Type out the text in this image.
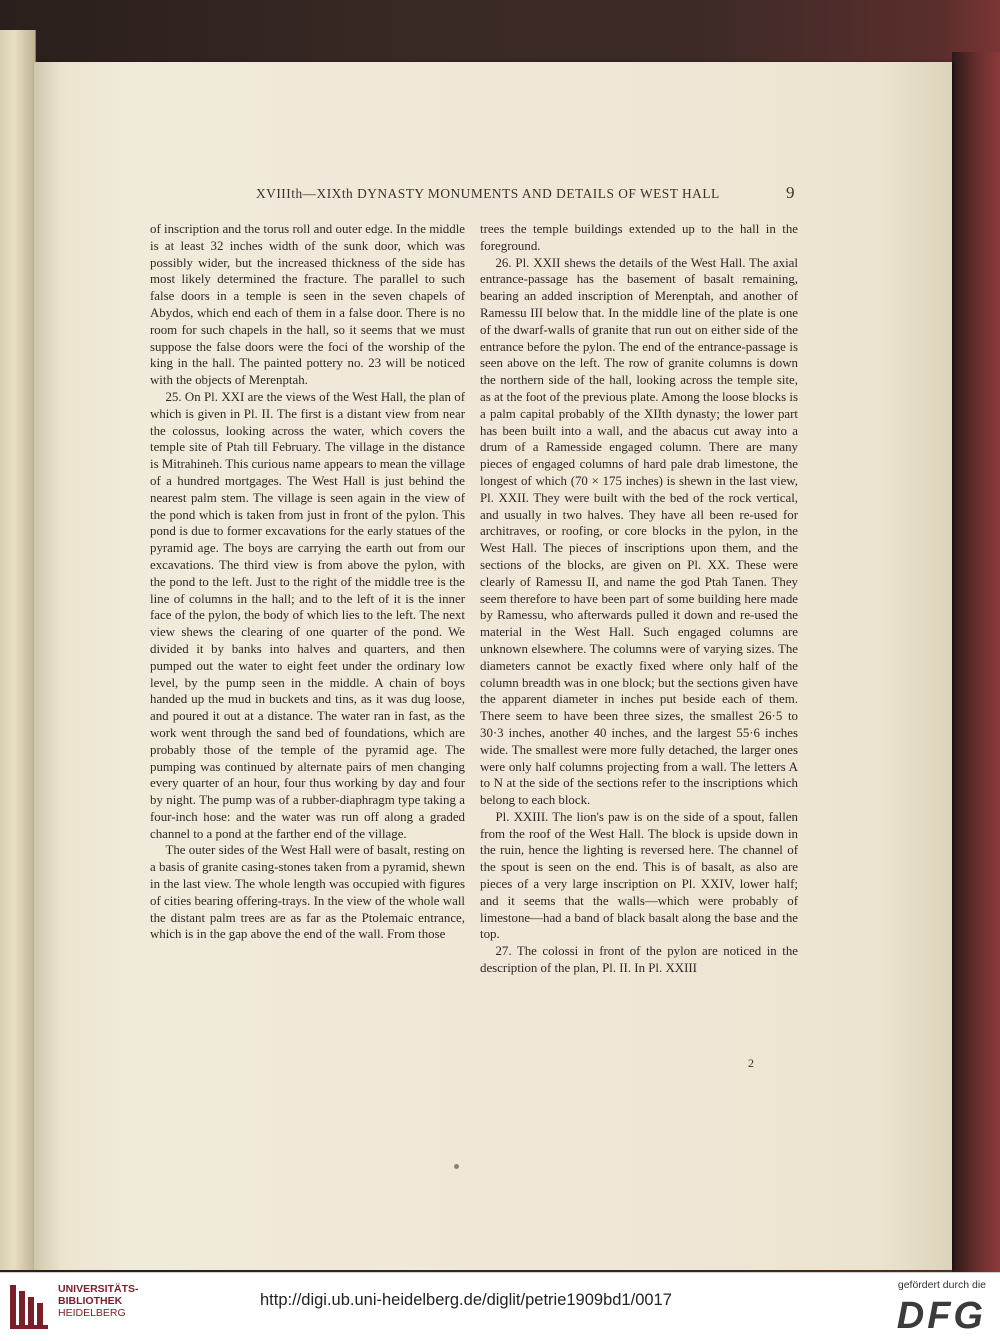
XVIIIth—XIXth DYNASTY MONUMENTS AND DETAILS OF WEST HALL	9

of inscription and the torus roll and outer edge. In the middle is at least 32 inches width of the sunk door, which was possibly wider, but the increased thickness of the side has most likely determined the fracture. The parallel to such false doors in a temple is seen in the seven chapels of Abydos, which end each of them in a false door. There is no room for such chapels in the hall, so it seems that we must suppose the false doors were the foci of the worship of the king in the hall. The painted pottery no. 23 will be noticed with the objects of Merenptah.

25. On Pl. XXI are the views of the West Hall, the plan of which is given in Pl. II. The first is a distant view from near the colossus, looking across the water, which covers the temple site of Ptah till February. The village in the distance is Mitrahineh. This curious name appears to mean the village of a hundred mortgages. The West Hall is just behind the nearest palm stem. The village is seen again in the view of the pond which is taken from just in front of the pylon. This pond is due to former excavations for the early statues of the pyramid age. The boys are carrying the earth out from our excavations. The third view is from above the pylon, with the pond to the left. Just to the right of the middle tree is the line of columns in the hall; and to the left of it is the inner face of the pylon, the body of which lies to the left. The next view shews the clearing of one quarter of the pond. We divided it by banks into halves and quarters, and then pumped out the water to eight feet under the ordinary low level, by the pump seen in the middle. A chain of boys handed up the mud in buckets and tins, as it was dug loose, and poured it out at a distance. The water ran in fast, as the work went through the sand bed of foundations, which are probably those of the temple of the pyramid age. The pumping was continued by alternate pairs of men changing every quarter of an hour, four thus working by day and four by night. The pump was of a rubber-diaphragm type taking a four-inch hose: and the water was run off along a graded channel to a pond at the farther end of the village.

The outer sides of the West Hall were of basalt, resting on a basis of granite casing-stones taken from a pyramid, shewn in the last view. The whole length was occupied with figures of cities bearing offering-trays. In the view of the whole wall the distant palm trees are as far as the Ptolemaic entrance, which is in the gap above the end of the wall. From those

trees the temple buildings extended up to the hall in the foreground.

26. Pl. XXII shews the details of the West Hall. The axial entrance-passage has the basement of basalt remaining, bearing an added inscription of Merenptah, and another of Ramessu III below that. In the middle line of the plate is one of the dwarf-walls of granite that run out on either side of the entrance before the pylon. The end of the entrance-passage is seen above on the left. The row of granite columns is down the northern side of the hall, looking across the temple site, as at the foot of the previous plate. Among the loose blocks is a palm capital probably of the XIIth dynasty; the lower part has been built into a wall, and the abacus cut away into a drum of a Ramesside engaged column. There are many pieces of engaged columns of hard pale drab limestone, the longest of which (70 × 175 inches) is shewn in the last view, Pl. XXII. They were built with the bed of the rock vertical, and usually in two halves. They have all been re-used for architraves, or roofing, or core blocks in the pylon, in the West Hall. The pieces of inscriptions upon them, and the sections of the blocks, are given on Pl. XX. These were clearly of Ramessu II, and name the god Ptah Tanen. They seem therefore to have been part of some building here made by Ramessu, who afterwards pulled it down and re-used the material in the West Hall. Such engaged columns are unknown elsewhere. The columns were of varying sizes. The diameters cannot be exactly fixed where only half of the column breadth was in one block; but the sections given have the apparent diameter in inches put beside each of them. There seem to have been three sizes, the smallest 26·5 to 30·3 inches, another 40 inches, and the largest 55·6 inches wide. The smallest were more fully detached, the larger ones were only half columns projecting from a wall. The letters A to N at the side of the sections refer to the inscriptions which belong to each block.

Pl. XXIII. The lion's paw is on the side of a spout, fallen from the roof of the West Hall. The block is upside down in the ruin, hence the lighting is reversed here. The channel of the spout is seen on the end. This is of basalt, as also are pieces of a very large inscription on Pl. XXIV, lower half; and it seems that the walls—which were probably of limestone—had a band of black basalt along the base and the top.

27. The colossi in front of the pylon are noticed in the description of the plan, Pl. II. In Pl. XXIII

2
UNIVERSITÄTS-
BIBLIOTHEK
HEIDELBERG
http://digi.ub.uni-heidelberg.de/diglit/petrie1909bd1/0017
gefördert durch die
DFG
